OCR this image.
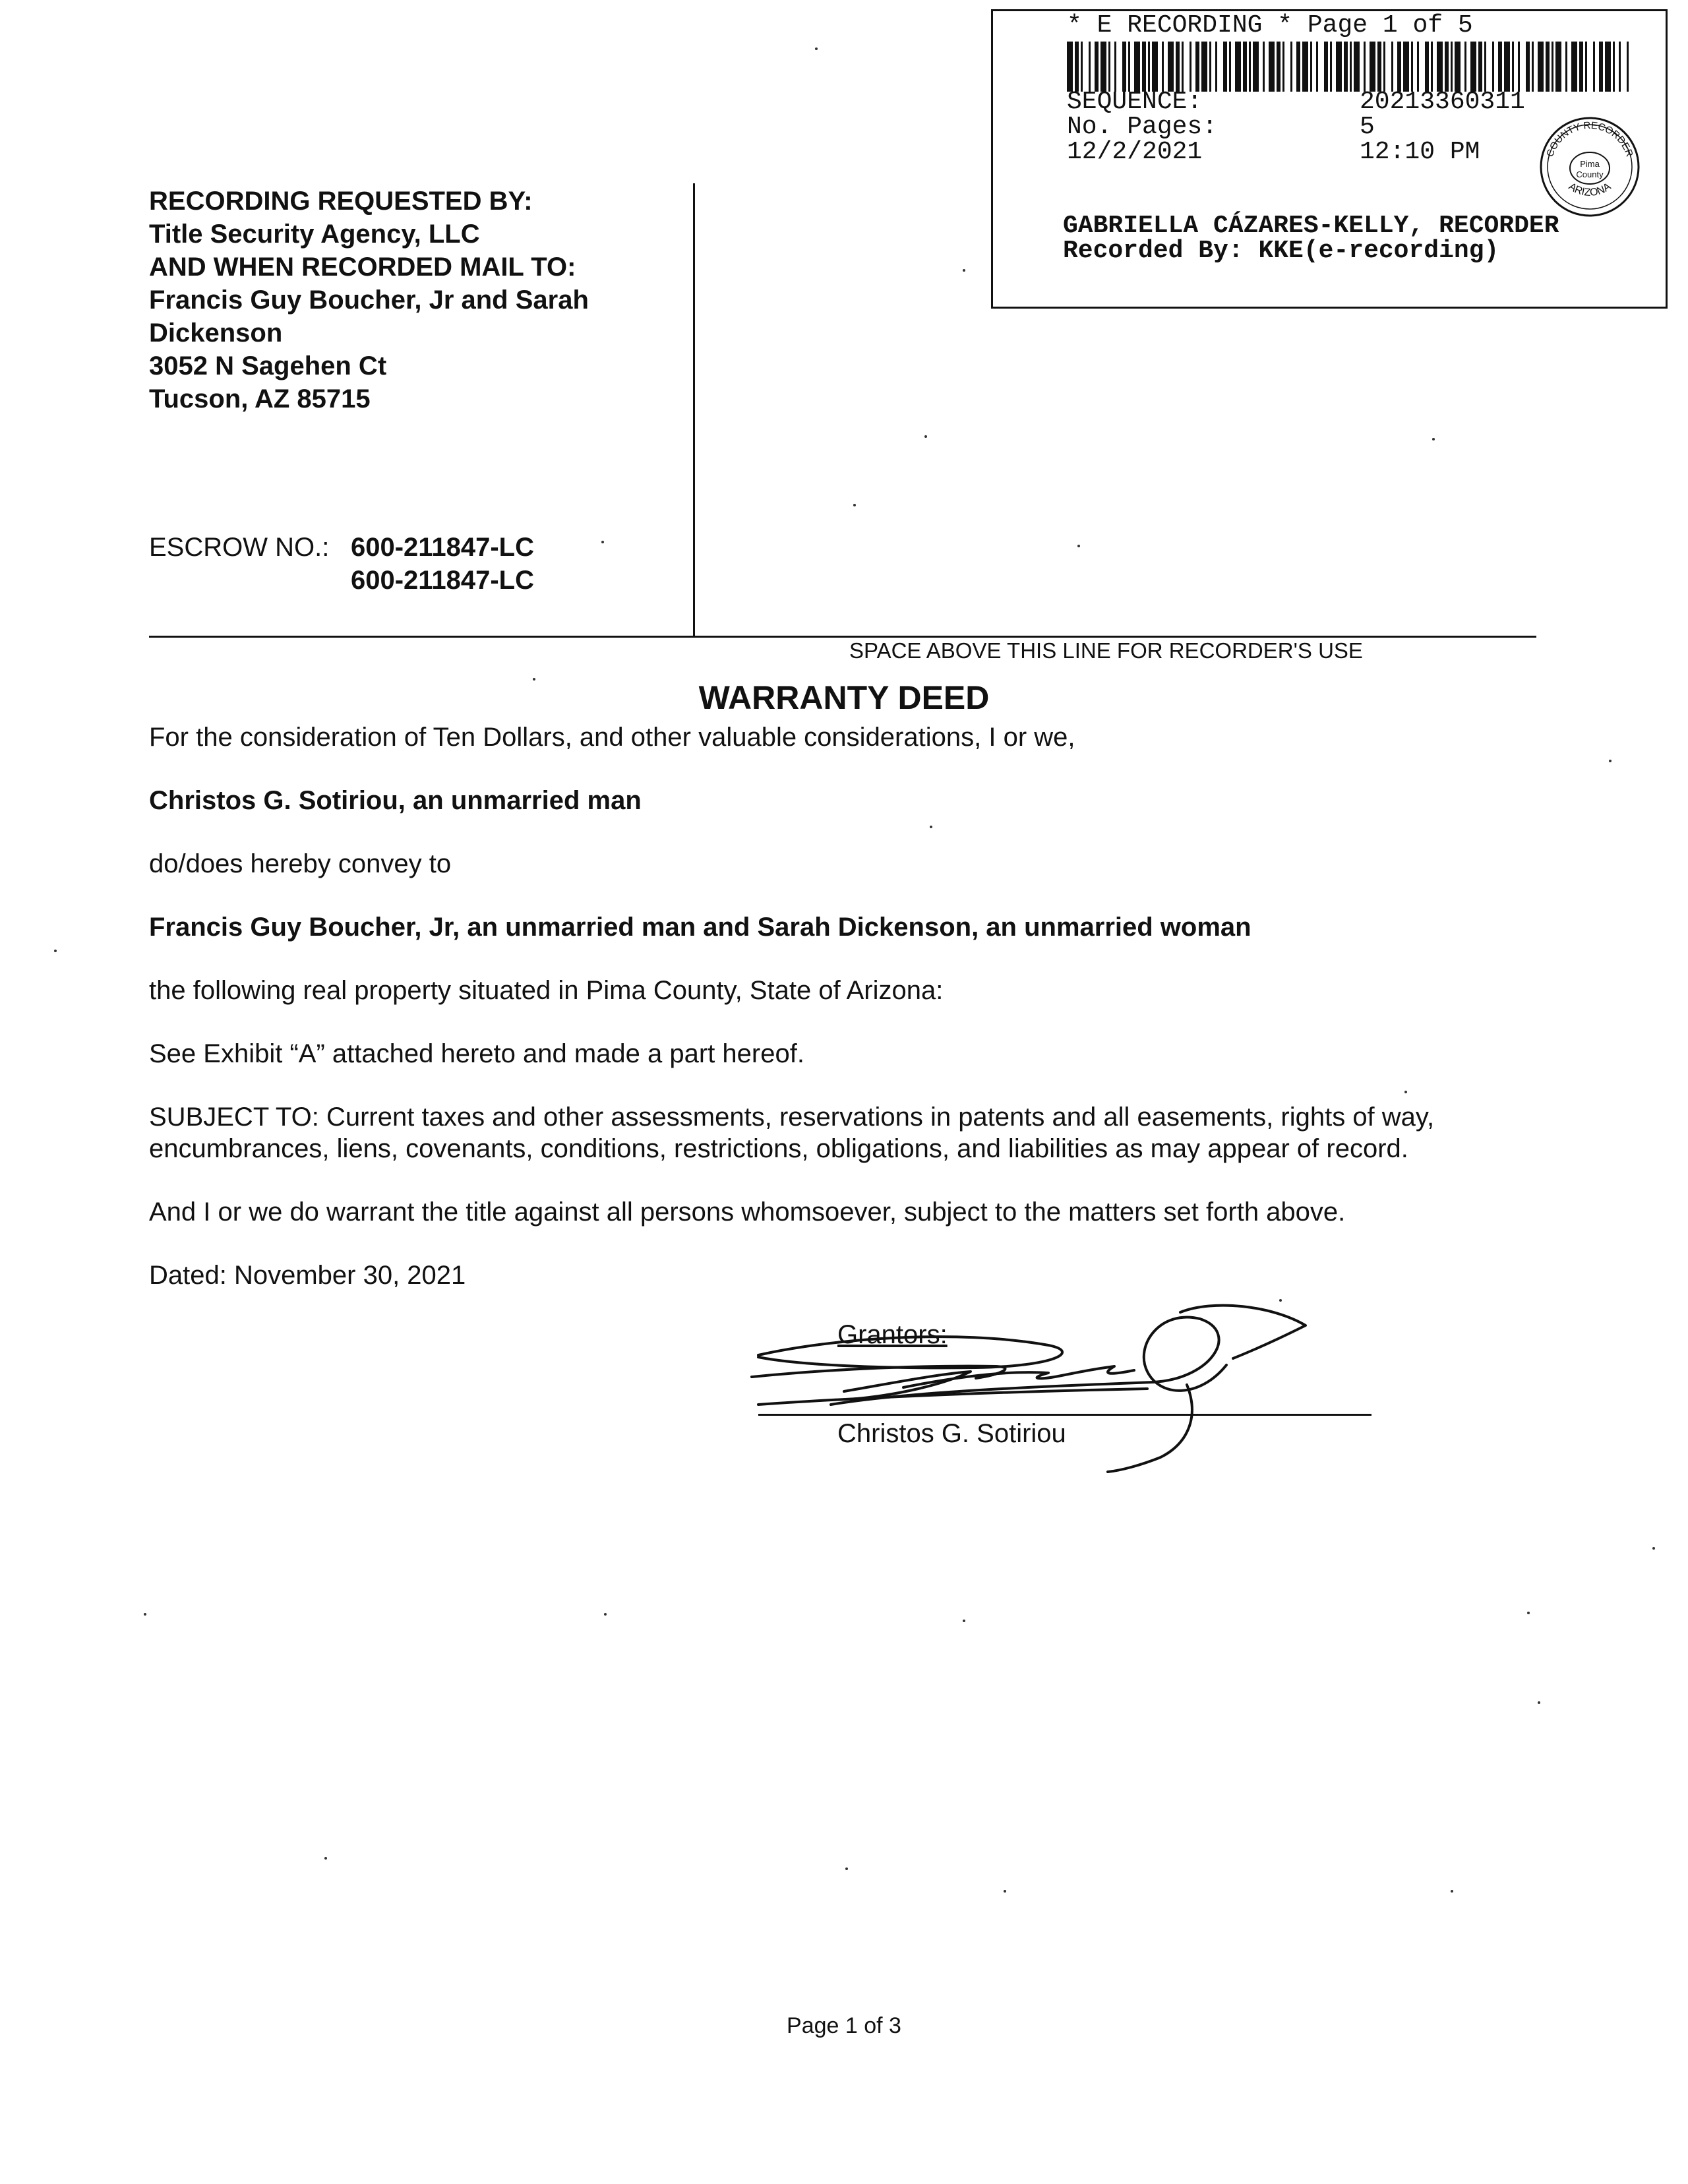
* E RECORDING * Page 1 of 5
SEQUENCE:	20213360311
No. Pages:	5
12/2/2021	12:10 PM	COUNTY RECORDER
ARIZONA
Pima
County
GABRIELLA CÁZARES-KELLY, RECORDER
Recorded By: KKE(e-recording)
RECORDING REQUESTED BY:
Title Security Agency, LLC
AND WHEN RECORDED MAIL TO:
Francis Guy Boucher, Jr and Sarah
Dickenson
3052 N Sagehen Ct
Tucson, AZ 85715
ESCROW NO.: 600-211847-LC
600-211847-LC
SPACE ABOVE THIS LINE FOR RECORDER'S USE
WARRANTY DEED
For the consideration of Ten Dollars, and other valuable considerations, I or we,
Christos G. Sotiriou, an unmarried man
do/does hereby convey to
Francis Guy Boucher, Jr, an unmarried man and Sarah Dickenson, an unmarried woman
the following real property situated in Pima County, State of Arizona:
See Exhibit “A” attached hereto and made a part hereof.
SUBJECT TO: Current taxes and other assessments, reservations in patents and all easements, rights of way,
encumbrances, liens, covenants, conditions, restrictions, obligations, and liabilities as may appear of record.
And I or we do warrant the title against all persons whomsoever, subject to the matters set forth above.
Dated: November 30, 2021
Grantors:
Christos G. Sotiriou
Page 1 of 3
